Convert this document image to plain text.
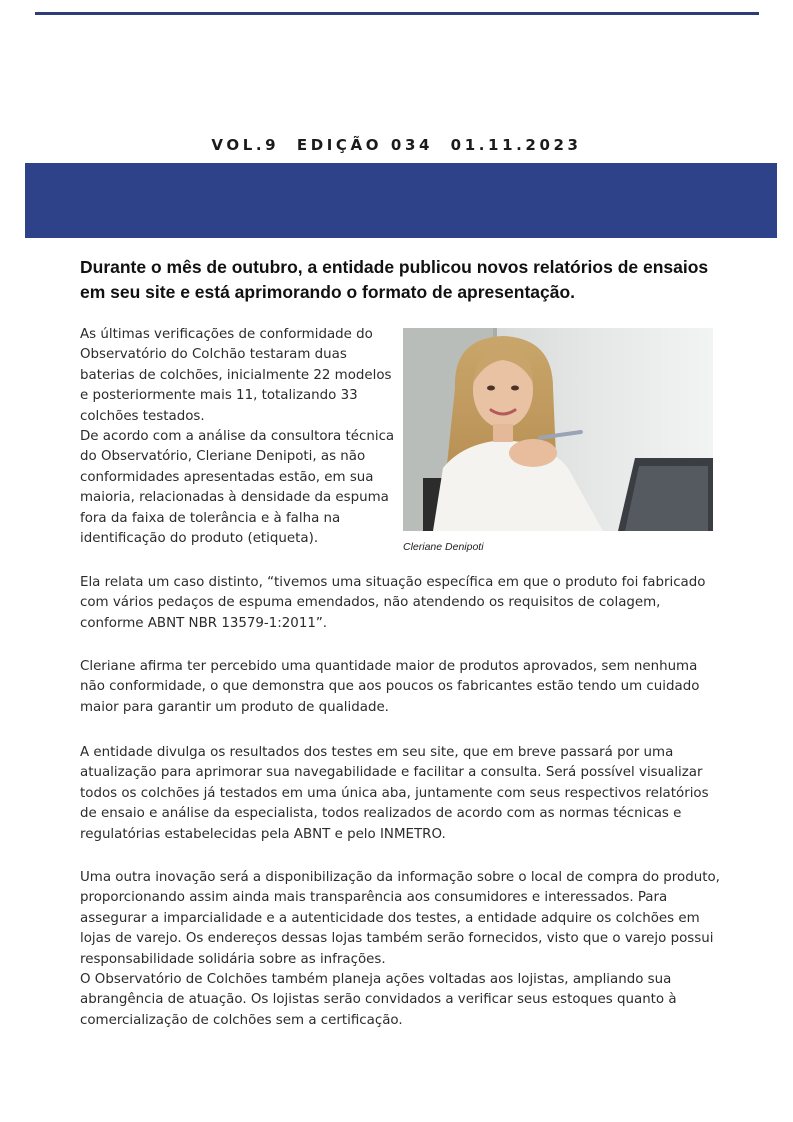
VOL.9  EDIÇÃO 034  01.11.2023
Durante o mês de outubro, a entidade publicou novos relatórios de ensaios em seu site e está aprimorando o formato de apresentação.

As últimas verificações de conformidade do Observatório do Colchão testaram duas baterias de colchões, inicialmente 22 modelos e posteriormente mais 11, totalizando 33 colchões testados.

De acordo com a análise da consultora técnica do Observatório, Cleriane Denipoti, as não conformidades apresentadas estão, em sua maioria, relacionadas à densidade da espuma fora da faixa de tolerância e à falha na identificação do produto (etiqueta).

Cleriane Denipoti
Ela relata um caso distinto, “tivemos uma situação específica em que o produto foi fabricado com vários pedaços de espuma emendados, não atendendo os requisitos de colagem, conforme ABNT NBR 13579-1:2011”.
Cleriane afirma ter percebido uma quantidade maior de produtos aprovados, sem nenhuma não conformidade, o que demonstra que aos poucos os fabricantes estão tendo um cuidado maior para garantir um produto de qualidade.
A entidade divulga os resultados dos testes em seu site, que em breve passará por uma atualização para aprimorar sua navegabilidade e facilitar a consulta. Será possível visualizar todos os colchões já testados em uma única aba, juntamente com seus respectivos relatórios de ensaio e análise da especialista, todos realizados de acordo com as normas técnicas e regulatórias estabelecidas pela ABNT e pelo INMETRO.

Uma outra inovação será a disponibilização da informação sobre o local de compra do produto, proporcionando assim ainda mais transparência aos consumidores e interessados. Para assegurar a imparcialidade e a autenticidade dos testes, a entidade adquire os colchões em lojas de varejo. Os endereços dessas lojas também serão fornecidos, visto que o varejo possui responsabilidade solidária sobre as infrações.

O Observatório de Colchões também planeja ações voltadas aos lojistas, ampliando sua abrangência de atuação. Os lojistas serão convidados a verificar seus estoques quanto à comercialização de colchões sem a certificação.
